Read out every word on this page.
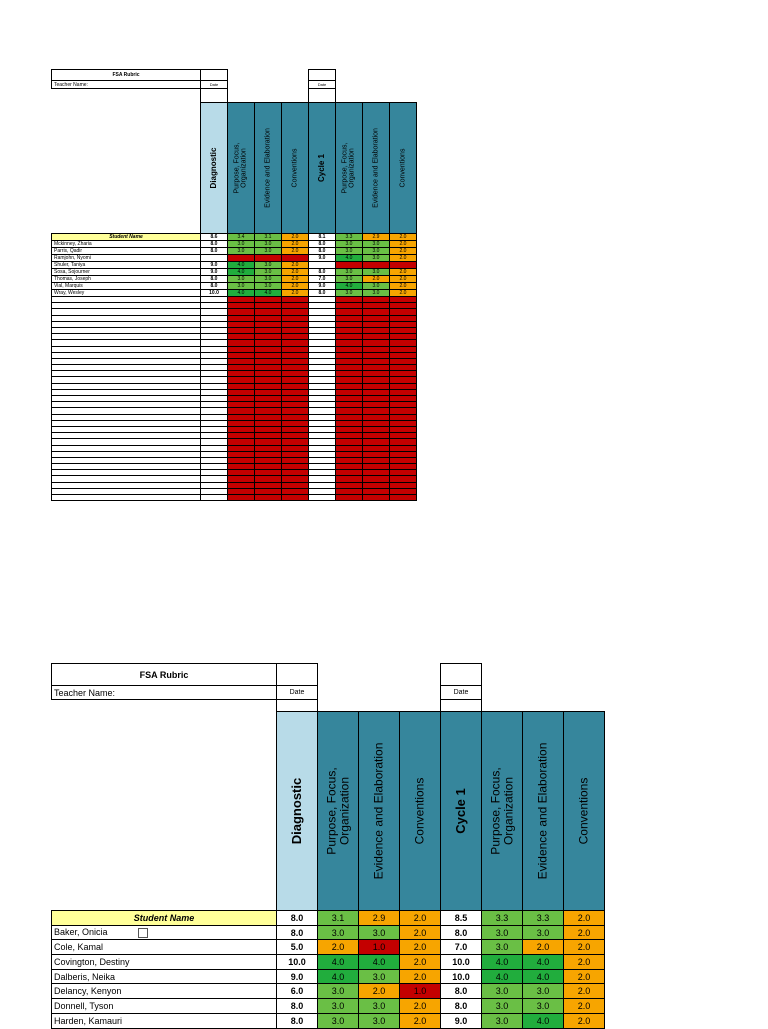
FSA Rubric								
Teacher Name:	Date				Date			

	Diagnostic	Purpose, Focus, Organization	Evidence and Elaboration	Conventions	Cycle 1	Purpose, Focus, Organization	Evidence and Elaboration	Conventions

Student Name	8.6	3.4	3.1	2.0	8.1	3.3	2.9	2.0
Mckinney, Zharia	8.0	3.0	3.0	2.0	8.0	3.0	3.0	2.0
Parris, Qadir	8.0	3.0	3.0	2.0	8.0	3.0	3.0	2.0
Ramjohn, Nyomi					9.0	4.0	3.0	2.0
Shuler, Taniya	9.0	4.0	3.0	2.0				
Sosa, Sojourner	9.0	4.0	3.0	2.0	8.0	3.0	3.0	2.0
Thomas, Joseph	8.0	3.0	3.0	2.0	7.0	3.0	2.0	2.0
Vial, Marquis	8.0	3.0	3.0	2.0	9.0	4.0	3.0	2.0
Wray, Wesley	10.0	4.0	4.0	2.0	8.0	3.0	3.0	2.0

FSA Rubric								
Teacher Name:	Date				Date			

	Diagnostic	Purpose, Focus, Organization	Evidence and Elaboration	Conventions	Cycle 1	Purpose, Focus, Organization	Evidence and Elaboration	Conventions

Student Name	8.0	3.1	2.9	2.0	8.5	3.3	3.3	2.0
Baker, Onicia	8.0	3.0	3.0	2.0	8.0	3.0	3.0	2.0
Cole, Kamal	5.0	2.0	1.0	2.0	7.0	3.0	2.0	2.0
Covington, Destiny	10.0	4.0	4.0	2.0	10.0	4.0	4.0	2.0
Dalberis, Neika	9.0	4.0	3.0	2.0	10.0	4.0	4.0	2.0
Delancy, Kenyon	6.0	3.0	2.0	1.0	8.0	3.0	3.0	2.0
Donnell, Tyson	8.0	3.0	3.0	2.0	8.0	3.0	3.0	2.0
Harden, Kamauri	8.0	3.0	3.0	2.0	9.0	3.0	4.0	2.0
